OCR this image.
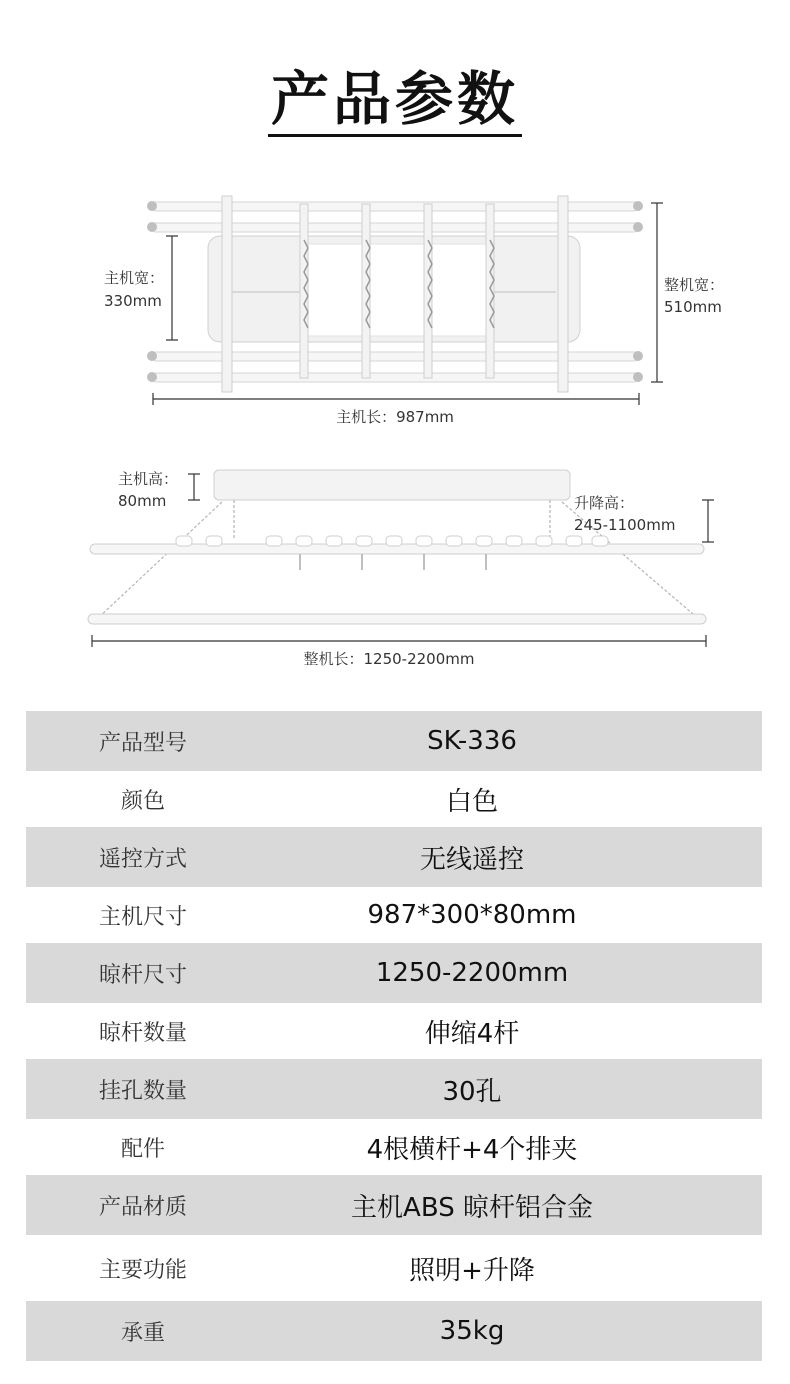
产品参数
主机宽：
330mm
整机宽：
510mm
主机长：987mm
主机高：
80mm	升降高：
245-1100mm
整机长：1250-2200mm
产品型号	SK-336
颜色	白色
遥控方式	无线遥控
主机尺寸	987*300*80mm
晾杆尺寸	1250-2200mm
晾杆数量	伸缩4杆
挂孔数量	30孔
配件	4根横杆+4个排夹
产品材质	主机ABS 晾杆铝合金
主要功能	照明+升降
承重	35kg
